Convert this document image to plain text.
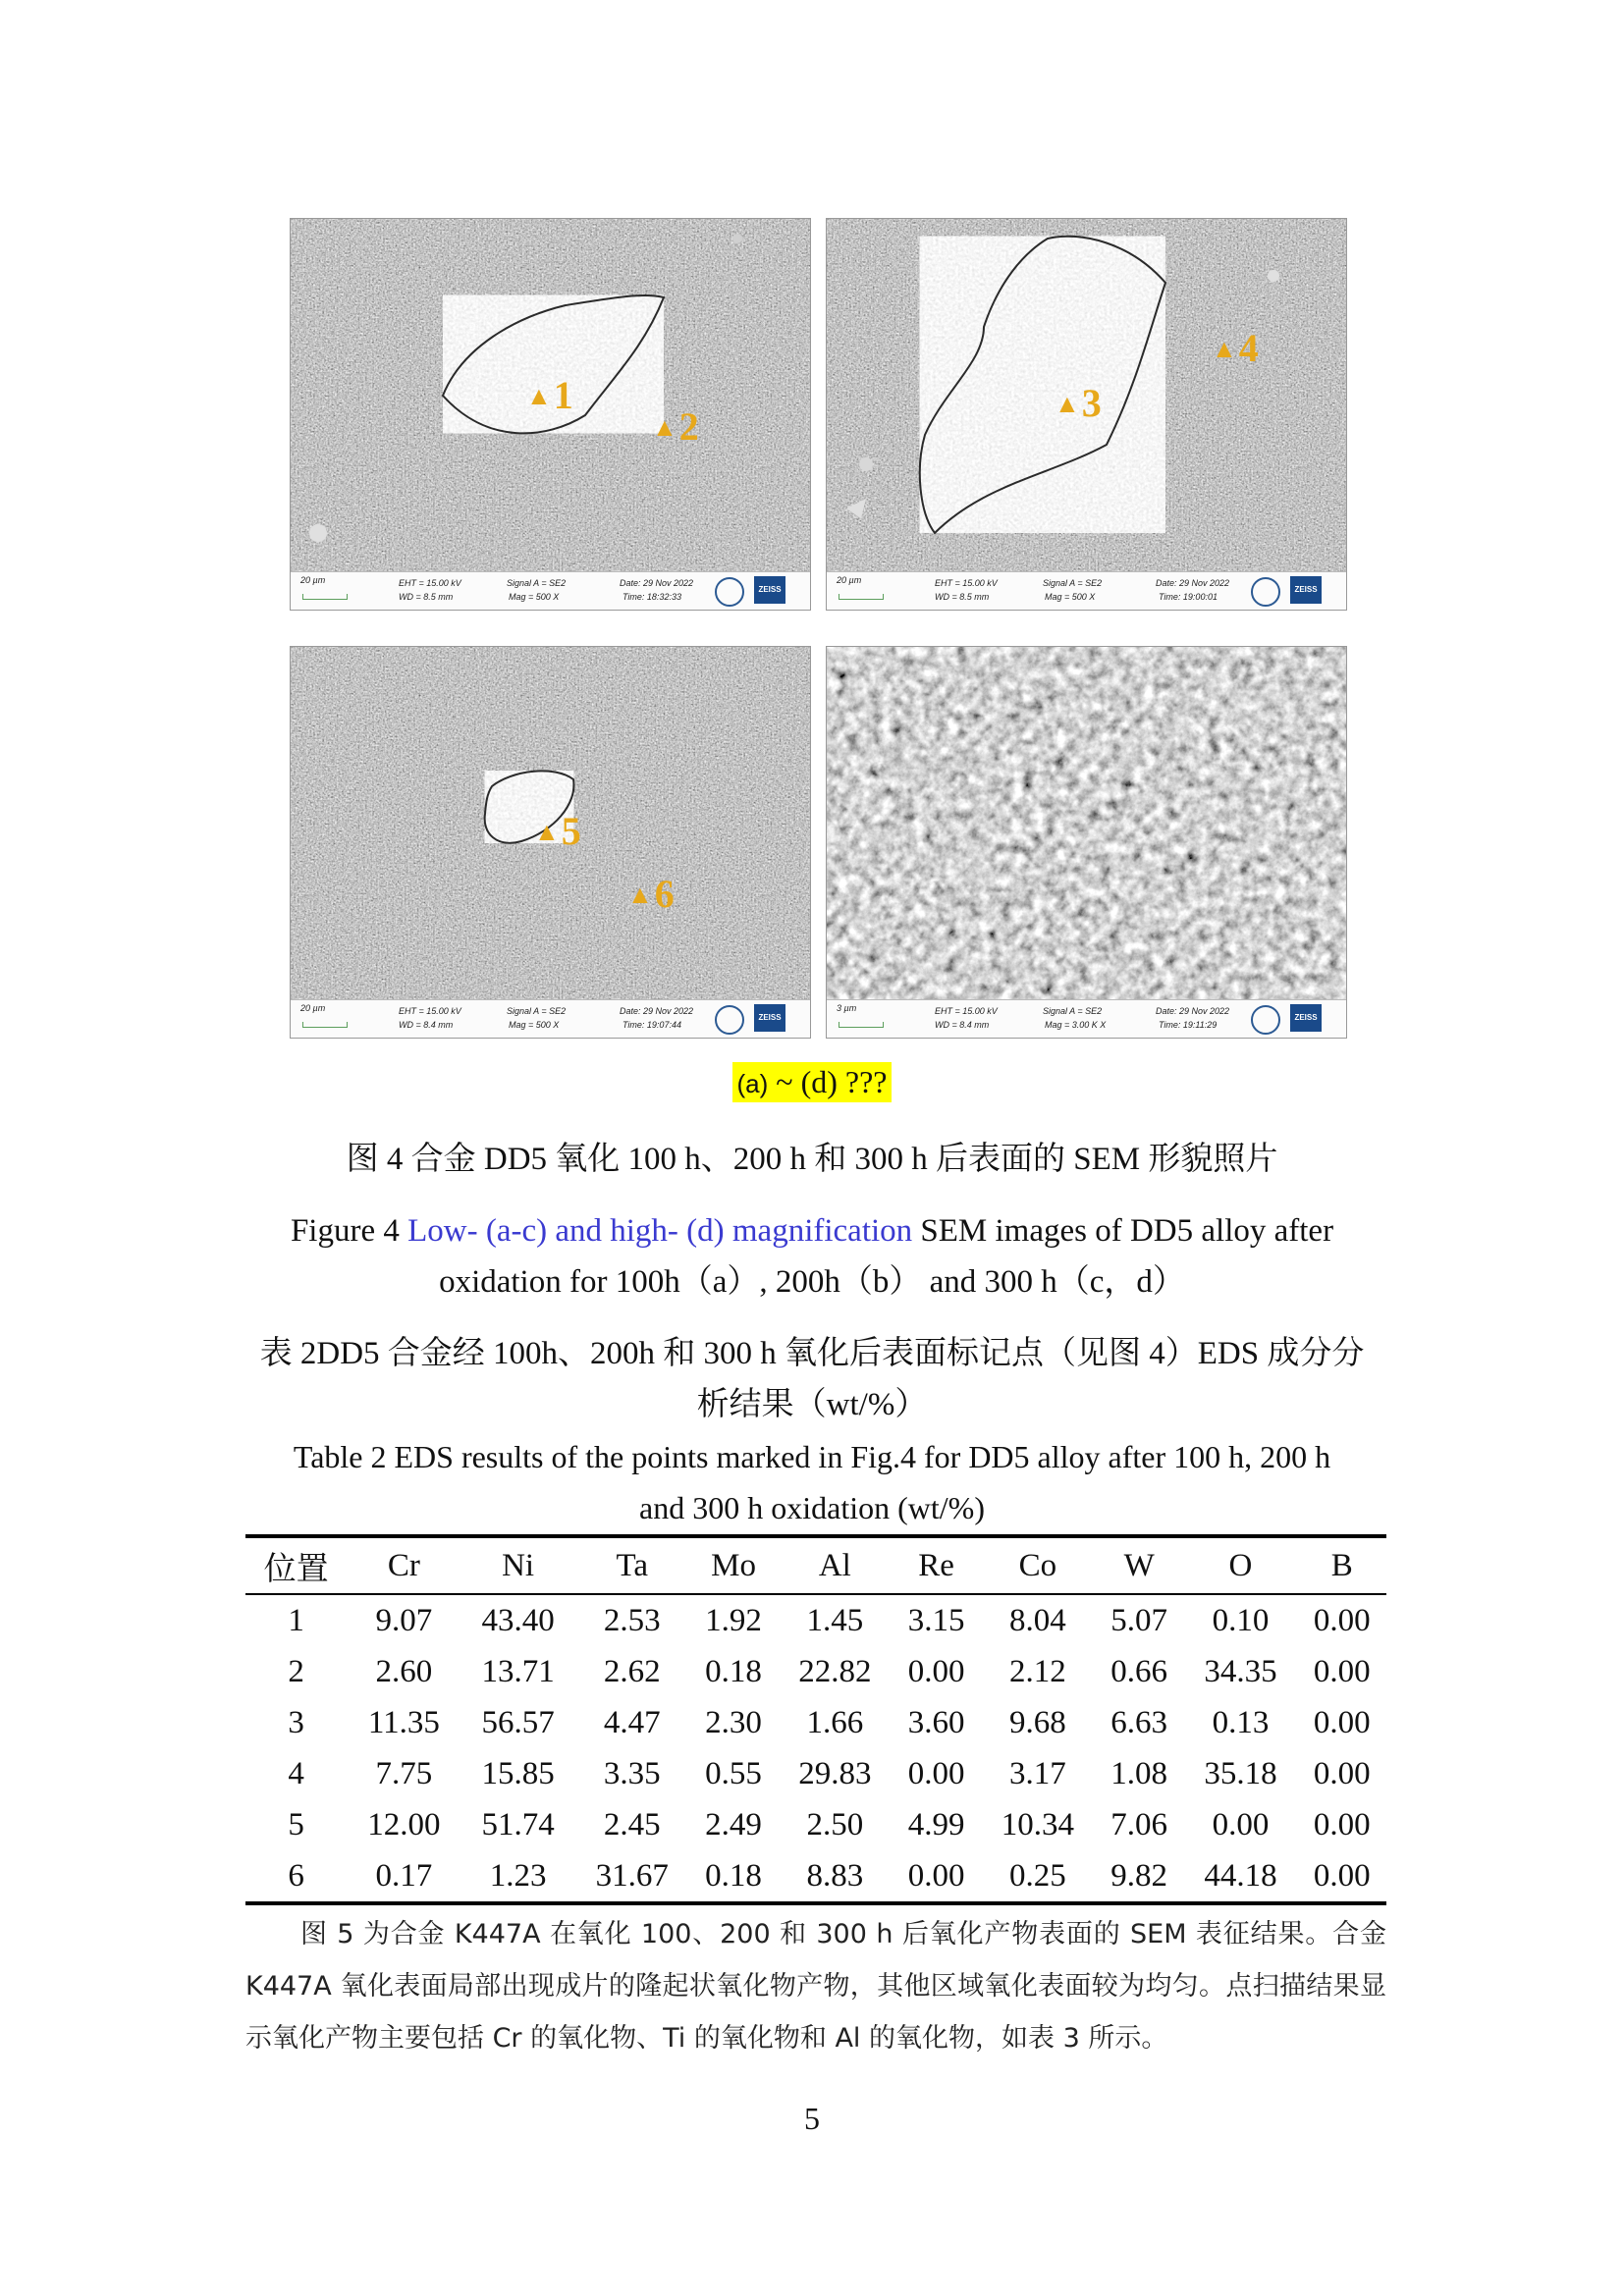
▲1
▲2
20 µm	EHT = 15.00 kV
WD = 8.5 mm
Signal A = SE2
Mag = 500 X
Date: 29 Nov 2022
Time: 18:32:33
ZEISS
▲3
▲4
20 µm	EHT = 15.00 kV
WD = 8.5 mm
Signal A = SE2
Mag = 500 X
Date: 29 Nov 2022
Time: 19:00:01
ZEISS
▲5
▲6
20 µm	EHT = 15.00 kV
WD = 8.4 mm
Signal A = SE2
Mag = 500 X
Date: 29 Nov 2022
Time: 19:07:44
ZEISS
3 µm	EHT = 15.00 kV
WD = 8.4 mm
Signal A = SE2
Mag = 3.00 K X
Date: 29 Nov 2022
Time: 19:11:29
ZEISS
(a) ~ (d) ???
图 4 合金 DD5 氧化 100 h、200 h 和 300 h 后表面的 SEM 形貌照片
Figure 4 Low- (a-c) and high- (d) magnification SEM images of DD5 alloy after
oxidation for 100h（a）, 200h（b） and 300 h（c，d）
表 2DD5 合金经 100h、200h 和 300 h 氧化后表面标记点（见图 4）EDS 成分分
析结果（wt/%）
Table 2 EDS results of the points marked in Fig.4 for DD5 alloy after 100 h, 200 h
and 300 h oxidation (wt/%)
位置	Cr	Ni	Ta	Mo	Al	Re	Co	W	O	B
1	9.07	43.40	2.53	1.92	1.45	3.15	8.04	5.07	0.10	0.00
2	2.60	13.71	2.62	0.18	22.82	0.00	2.12	0.66	34.35	0.00
3	11.35	56.57	4.47	2.30	1.66	3.60	9.68	6.63	0.13	0.00
4	7.75	15.85	3.35	0.55	29.83	0.00	3.17	1.08	35.18	0.00
5	12.00	51.74	2.45	2.49	2.50	4.99	10.34	7.06	0.00	0.00
6	0.17	1.23	31.67	0.18	8.83	0.00	0.25	9.82	44.18	0.00
图 5 为合金 K447A 在氧化 100、200 和 300 h 后氧化产物表面的 SEM 表征结果。合金 K447A 氧化表面局部出现成片的隆起状氧化物产物，其他区域氧化表面较为均匀。点扫描结果显示氧化产物主要包括 Cr 的氧化物、Ti 的氧化物和 Al 的氧化物，如表 3 所示。
5
